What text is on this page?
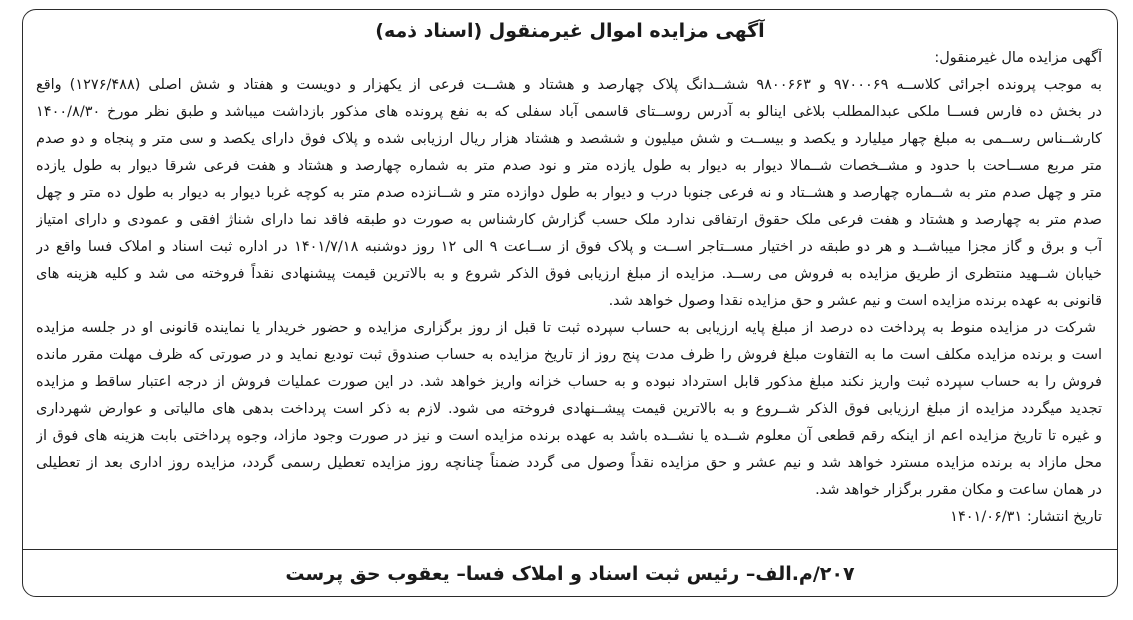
آگهی مزایده اموال غیرمنقول (اسناد ذمه)
آگهی مزایده مال غیرمنقول:
به موجب پرونده اجرائی کلاســه ۹۷۰۰۰۶۹ و ۹۸۰۰۶۶۳ ششــدانگ پلاک چهارصد و هشتاد و هشــت فرعی از یکهزار و دویست و هفتاد و شش اصلی (۱۲۷۶/۴۸۸) واقع
در بخش ده فارس فســا ملکی عبدالمطلب بلاغی اینالو به آدرس روســتای قاسمی آباد سفلی که به نفع پرونده های مذکور بازداشت میباشد و طبق نظر مورخ ۱۴۰۰/۸/۳۰
کارشــناس رســمی به مبلغ چهار میلیارد و یکصد و بیســت و شش میلیون و ششصد و هشتاد هزار ریال ارزیابی شده و پلاک فوق دارای یکصد و سی متر و پنجاه و دو صدم
متر مربع مســاحت با حدود و مشــخصات شــمالا دیوار به دیوار به طول یازده متر و نود صدم متر به شماره چهارصد و هشتاد و هفت فرعی شرقا دیوار به طول یازده
متر و چهل صدم متر به شــماره چهارصد و هشــتاد و نه فرعی جنوبا درب و دیوار به طول دوازده متر و شــانزده صدم متر به کوچه غربا دیوار به دیوار به طول ده متر و چهل
صدم متر به چهارصد و هشتاد و هفت فرعی ملک حقوق ارتفاقی ندارد ملک حسب گزارش کارشناس به صورت دو طبقه فاقد نما دارای شناژ افقی و عمودی و دارای امتیاز
آب و برق و گاز مجزا میباشــد و هر دو طبقه در اختیار مســتاجر اســت و پلاک فوق از ســاعت ۹ الی ۱۲ روز دوشنبه ۱۴۰۱/۷/۱۸ در اداره ثبت اسناد و املاک فسا واقع در
خیابان شــهید منتظری از طریق مزایده به فروش می رســد. مزایده از مبلغ ارزیابی فوق الذکر شروع و به بالاترین قیمت پیشنهادی نقداً فروخته می شد و کلیه هزینه های
قانونی به عهده برنده مزایده است و نیم عشر و حق مزایده نقدا وصول خواهد شد.
شرکت در مزایده منوط به پرداخت ده درصد از مبلغ پایه ارزیابی به حساب سپرده ثبت تا قبل از روز برگزاری مزایده و حضور خریدار یا نماینده قانونی او در جلسه مزایده
است و برنده مزایده مکلف است ما به التفاوت مبلغ فروش را ظرف مدت پنج روز از تاریخ مزایده به حساب صندوق ثبت تودیع نماید و در صورتی که ظرف مهلت مقرر مانده
فروش را به حساب سپرده ثبت واریز نکند مبلغ مذکور قابل استرداد نبوده و به حساب خزانه واریز خواهد شد. در این صورت عملیات فروش از درجه اعتبار ساقط و مزایده
تجدید میگردد مزایده از مبلغ ارزیابی فوق الذکر شــروع و به بالاترین قیمت پیشــنهادی فروخته می شود. لازم به ذکر است پرداخت بدهی های مالیاتی و عوارض شهرداری
و غیره تا تاریخ مزایده اعم از اینکه رقم قطعی آن معلوم شــده یا نشــده باشد به عهده برنده مزایده است و نیز در صورت وجود مازاد، وجوه پرداختی بابت هزینه های فوق از
محل مازاد به برنده مزایده مسترد خواهد شد و نیم عشر و حق مزایده نقداً وصول می گردد ضمناً چنانچه روز مزایده تعطیل رسمی گردد، مزایده روز اداری بعد از تعطیلی
در همان ساعت و مکان مقرر برگزار خواهد شد.
تاریخ انتشار: ۱۴۰۱/۰۶/۳۱
۲۰۷/م.الف– رئیس ثبت اسناد و املاک فسا– یعقوب حق پرست
